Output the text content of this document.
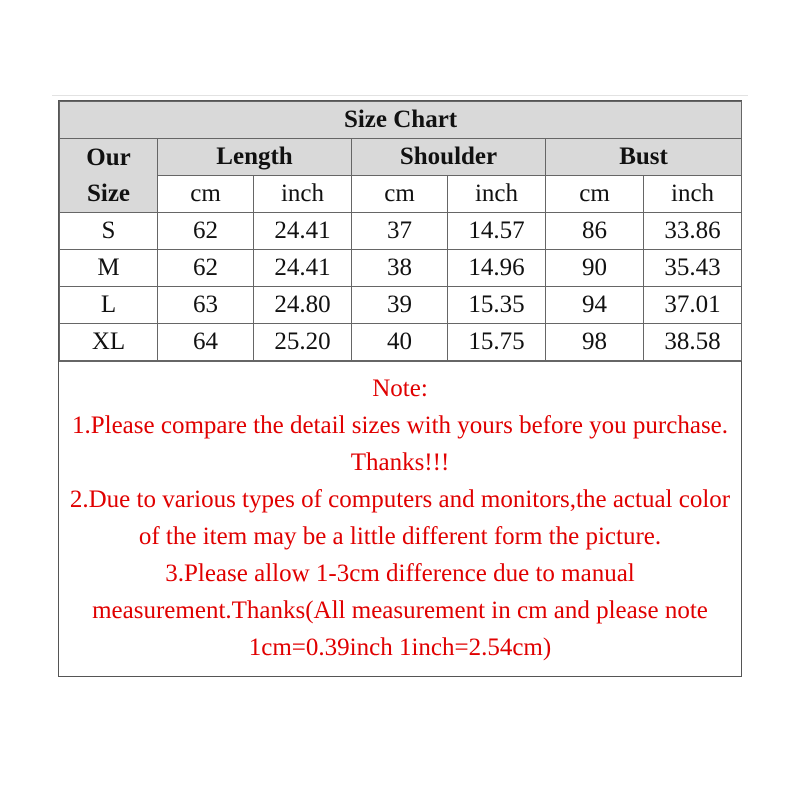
Size Chart						
Our
Size	Length		Shoulder		Bust	
	cm	inch	cm	inch	cm	inch
S	62	24.41	37	14.57	86	33.86
M	62	24.41	38	14.96	90	35.43
L	63	24.80	39	15.35	94	37.01
XL	64	25.20	40	15.75	98	38.58

Note:

1.Please compare the detail sizes with yours before you purchase. Thanks!!!

2.Due to various types of computers and monitors,the actual color of the item may be a little different form the picture.

3.Please allow 1-3cm difference due to manual measurement.Thanks(All measurement in cm and please note 1cm=0.39inch 1inch=2.54cm)
